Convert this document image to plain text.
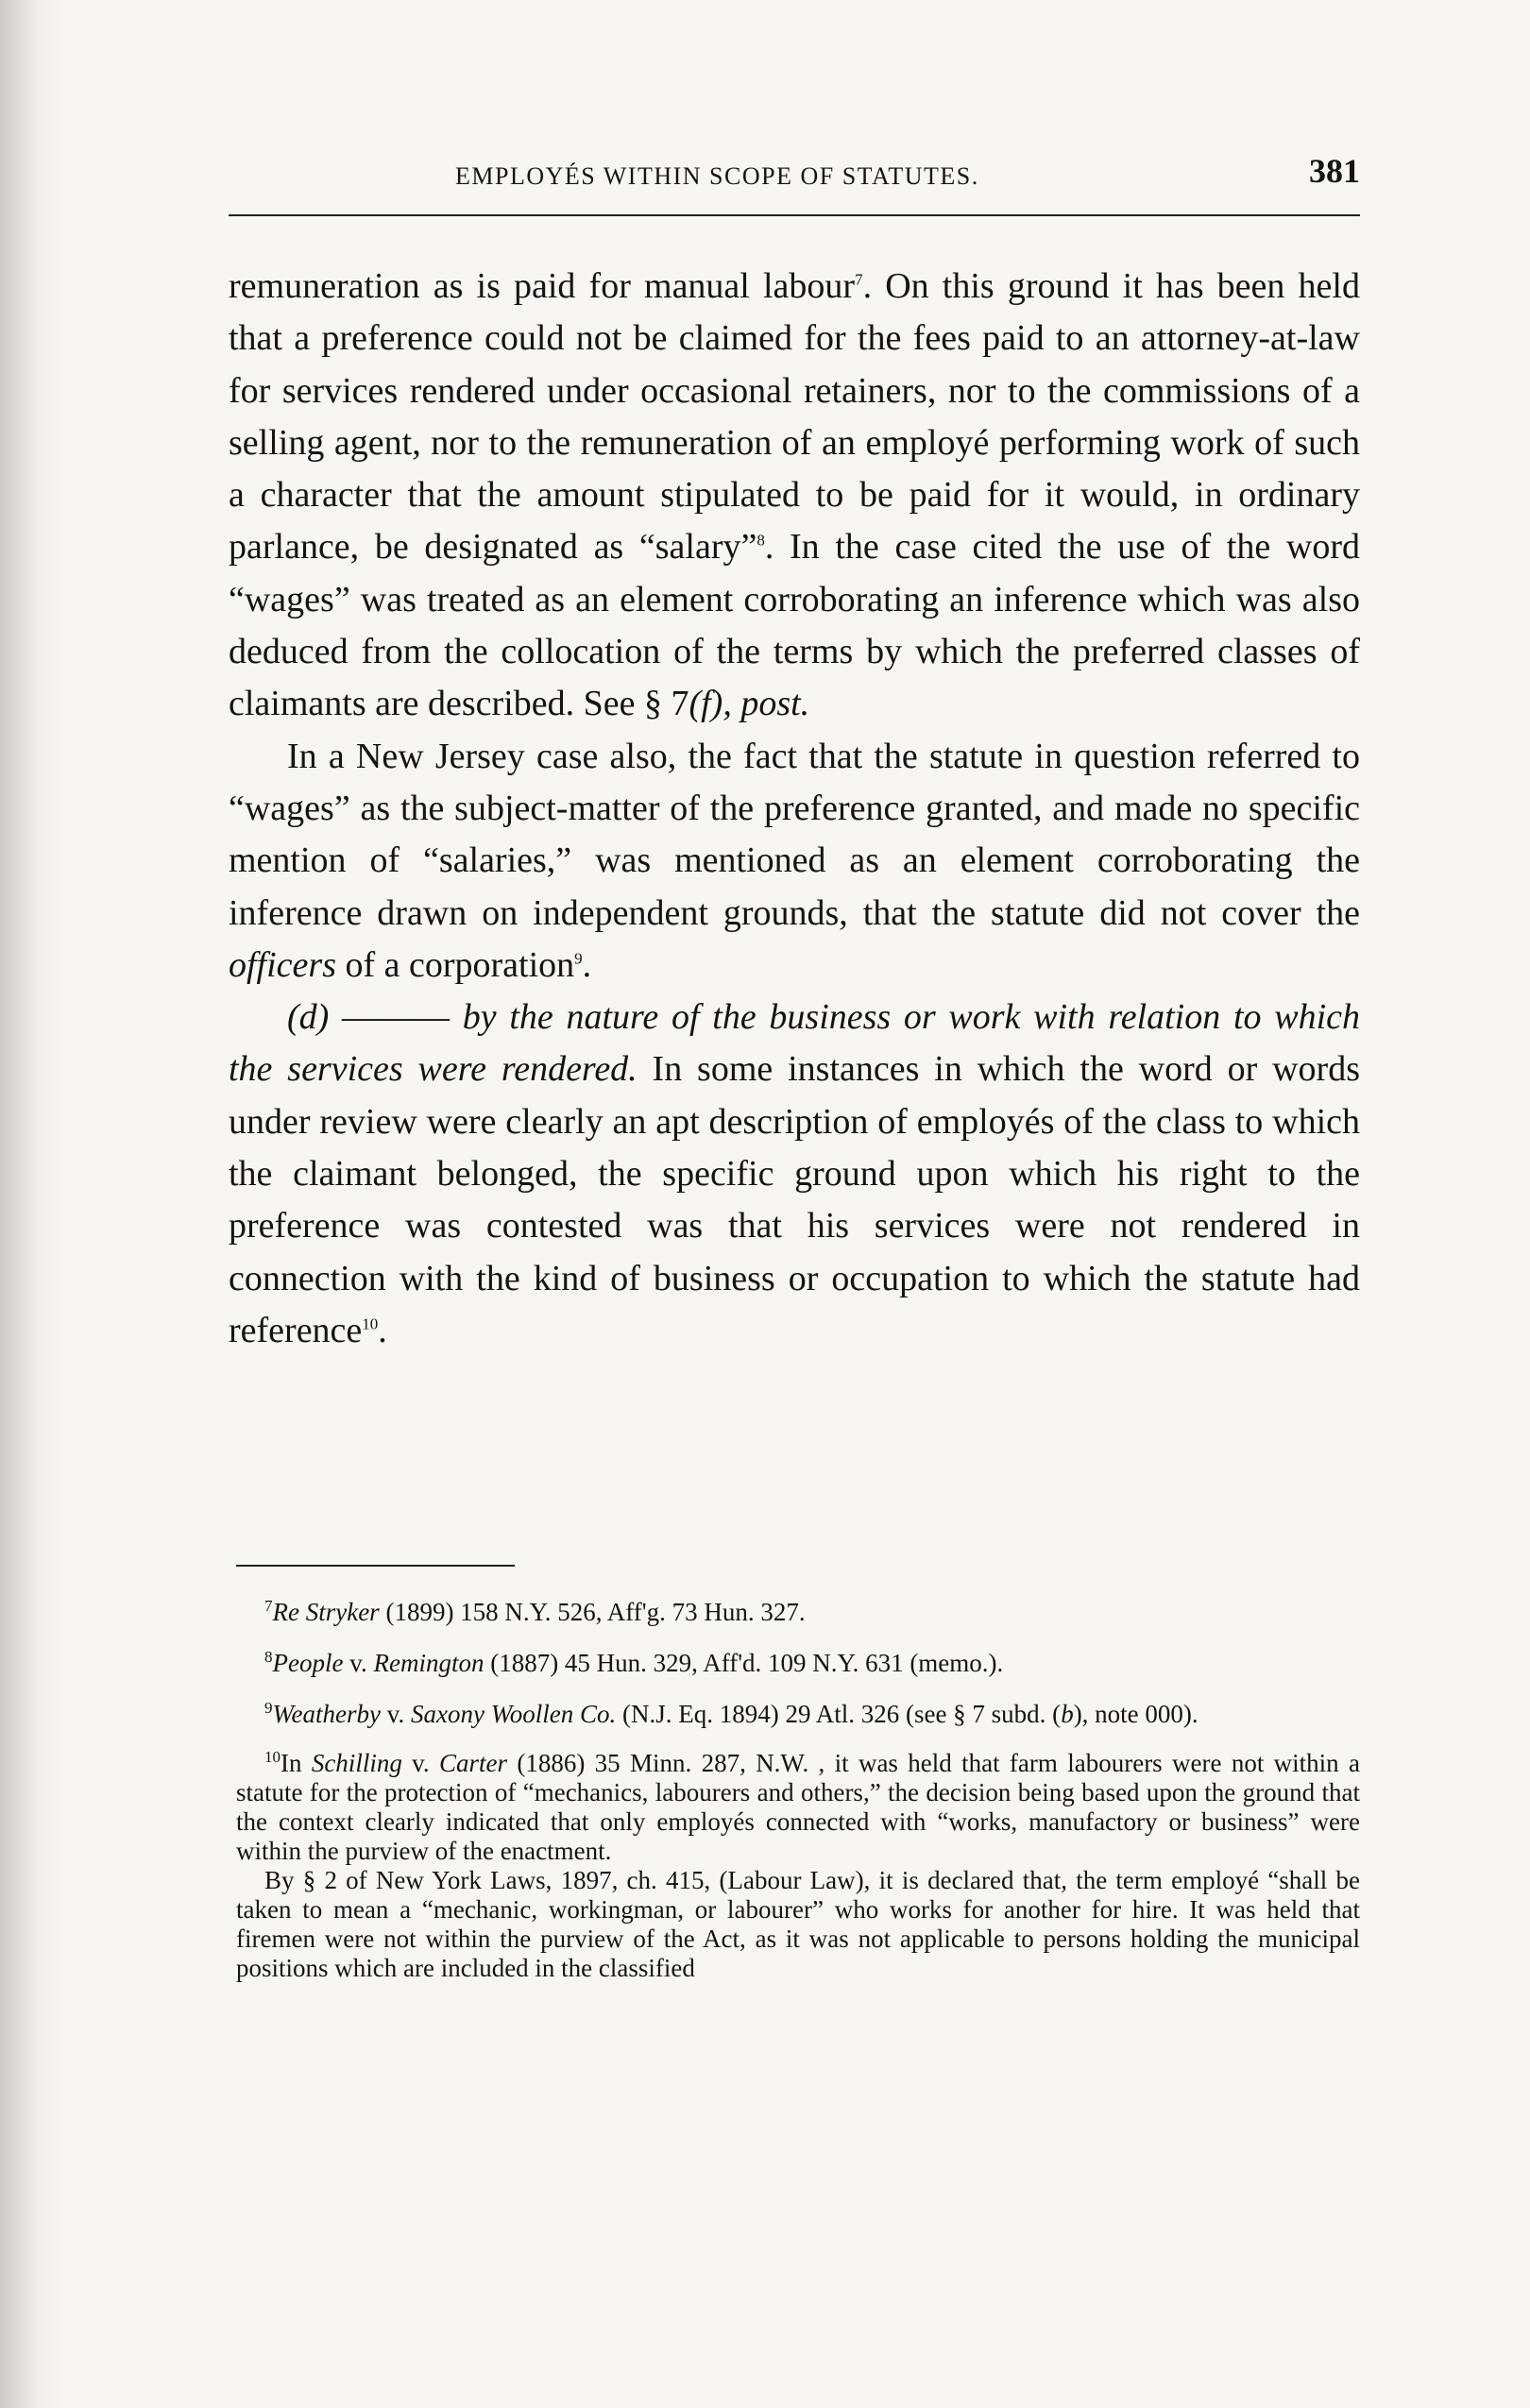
EMPLOYÉS WITHIN SCOPE OF STATUTES.	381

remuneration as is paid for manual labour$^7$. On this ground it has been held that a preference could not be claimed for the fees paid to an attorney-at-law for services rendered under occasional retainers, nor to the commissions of a selling agent, nor to the remuneration of an employé performing work of such a character that the amount stipulated to be paid for it would, in ordinary parlance, be designated as “salary”$^8$. In the case cited the use of the word “wages” was treated as an element corroborating an inference which was also deduced from the collocation of the terms by which the preferred classes of claimants are described. See § 7(f), post.

In a New Jersey case also, the fact that the statute in question referred to “wages” as the subject-matter of the preference granted, and made no specific mention of “salaries,” was mentioned as an element corroborating the inference drawn on independent grounds, that the statute did not cover the officers of a corporation$^9$.

(d) ——— by the nature of the business or work with relation to which the services were rendered. In some instances in which the word or words under review were clearly an apt description of employés of the class to which the claimant belonged, the specific ground upon which his right to the preference was contested was that his services were not rendered in connection with the kind of business or occupation to which the statute had reference$^{10}$.

$^7$Re Stryker (1899) 158 N.Y. 526, Aff'g. 73 Hun. 327.

$^8$People v. Remington (1887) 45 Hun. 329, Aff'd. 109 N.Y. 631 (memo.).

$^9$Weatherby v. Saxony Woollen Co. (N.J. Eq. 1894) 29 Atl. 326 (see § 7 subd. (b), note 000).

$^{10}$In Schilling v. Carter (1886) 35 Minn. 287, N.W. , it was held that farm labourers were not within a statute for the protection of “mechanics, labourers and others,” the decision being based upon the ground that the context clearly indicated that only employés connected with “works, manufactory or business” were within the purview of the enactment.

By § 2 of New York Laws, 1897, ch. 415, (Labour Law), it is declared that, the term employé “shall be taken to mean a “mechanic, workingman, or labourer” who works for another for hire. It was held that firemen were not within the purview of the Act, as it was not applicable to persons holding the municipal positions which are included in the classified
